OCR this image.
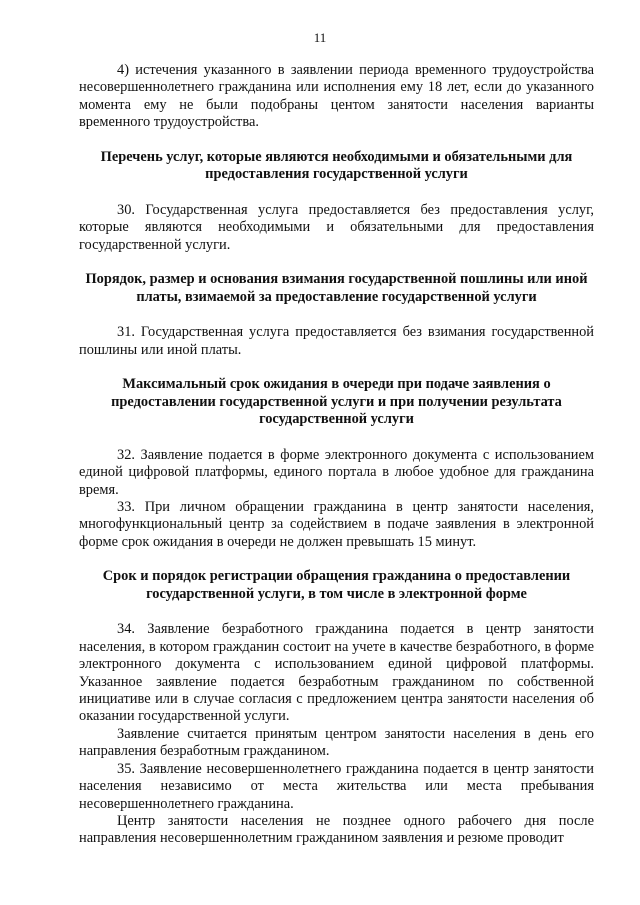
11

4) истечения указанного в заявлении периода временного трудоустройства несовершеннолетнего гражданина или исполнения ему 18 лет, если до указанного момента ему не были подобраны центом занятости населения варианты временного трудоустройства.

Перечень услуг, которые являются необходимыми и обязательными для предоставления государственной услуги

30. Государственная услуга предоставляется без предоставления услуг, которые являются необходимыми и обязательными для предоставления государственной услуги.

Порядок, размер и основания взимания государственной пошлины или иной платы, взимаемой за предоставление государственной услуги

31. Государственная услуга предоставляется без взимания государственной пошлины или иной платы.

Максимальный срок ожидания в очереди при подаче заявления о предоставлении государственной услуги и при получении результата государственной услуги

32. Заявление подается в форме электронного документа с использованием единой цифровой платформы, единого портала в любое удобное для гражданина время.

33. При личном обращении гражданина в центр занятости населения, многофункциональный центр за содействием в подаче заявления в электронной форме срок ожидания в очереди не должен превышать 15 минут.

Срок и порядок регистрации обращения гражданина о предоставлении государственной услуги, в том числе в электронной форме

34. Заявление безработного гражданина подается в центр занятости населения, в котором гражданин состоит на учете в качестве безработного, в форме электронного документа с использованием единой цифровой платформы. Указанное заявление подается безработным гражданином по собственной инициативе или в случае согласия с предложением центра занятости населения об оказании государственной услуги.

Заявление считается принятым центром занятости населения в день его направления безработным гражданином.

35. Заявление несовершеннолетнего гражданина подается в центр занятости населения независимо от места жительства или места пребывания несовершеннолетнего гражданина.

Центр занятости населения не позднее одного рабочего дня после направления несовершеннолетним гражданином заявления и резюме проводит
